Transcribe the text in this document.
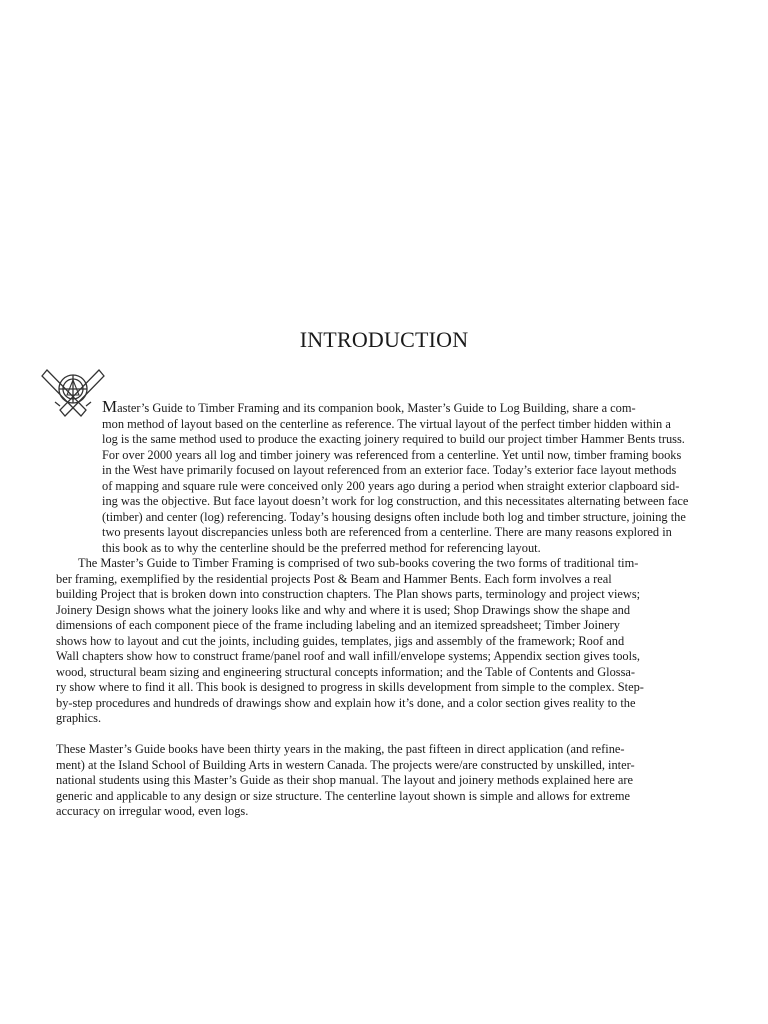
INTRODUCTION

Master’s Guide to Timber Framing and its companion book, Master’s Guide to Log Building, share a com-
mon method of layout based on the centerline as reference. The virtual layout of the perfect timber hidden within a
log is the same method used to produce the exacting joinery required to build our project timber Hammer Bents truss.
For over 2000 years all log and timber joinery was referenced from a centerline. Yet until now, timber framing books
in the West have primarily focused on layout referenced from an exterior face. Today’s exterior face layout methods
of mapping and square rule were conceived only 200 years ago during a period when straight exterior clapboard sid-
ing was the objective. But face layout doesn’t work for log construction, and this necessitates alternating between face
(timber) and center (log) referencing. Today’s housing designs often include both log and timber structure, joining the
two presents layout discrepancies unless both are referenced from a centerline. There are many reasons explored in
this book as to why the centerline should be the preferred method for referencing layout.

The Master’s Guide to Timber Framing is comprised of two sub-books covering the two forms of traditional tim-
ber framing, exemplified by the residential projects Post & Beam and Hammer Bents. Each form involves a real
building Project that is broken down into construction chapters. The Plan shows parts, terminology and project views;
Joinery Design shows what the joinery looks like and why and where it is used; Shop Drawings show the shape and
dimensions of each component piece of the frame including labeling and an itemized spreadsheet; Timber Joinery
shows how to layout and cut the joints, including guides, templates, jigs and assembly of the framework; Roof and
Wall chapters show how to construct frame/panel roof and wall infill/envelope systems; Appendix section gives tools,
wood, structural beam sizing and engineering structural concepts information; and the Table of Contents and Glossa-
ry show where to find it all. This book is designed to progress in skills development from simple to the complex. Step-
by-step procedures and hundreds of drawings show and explain how it’s done, and a color section gives reality to the
graphics.

These Master’s Guide books have been thirty years in the making, the past fifteen in direct application (and refine-
ment) at the Island School of Building Arts in western Canada. The projects were/are constructed by unskilled, inter-
national students using this Master’s Guide as their shop manual. The layout and joinery methods explained here are
generic and applicable to any design or size structure. The centerline layout shown is simple and allows for extreme
accuracy on irregular wood, even logs.
